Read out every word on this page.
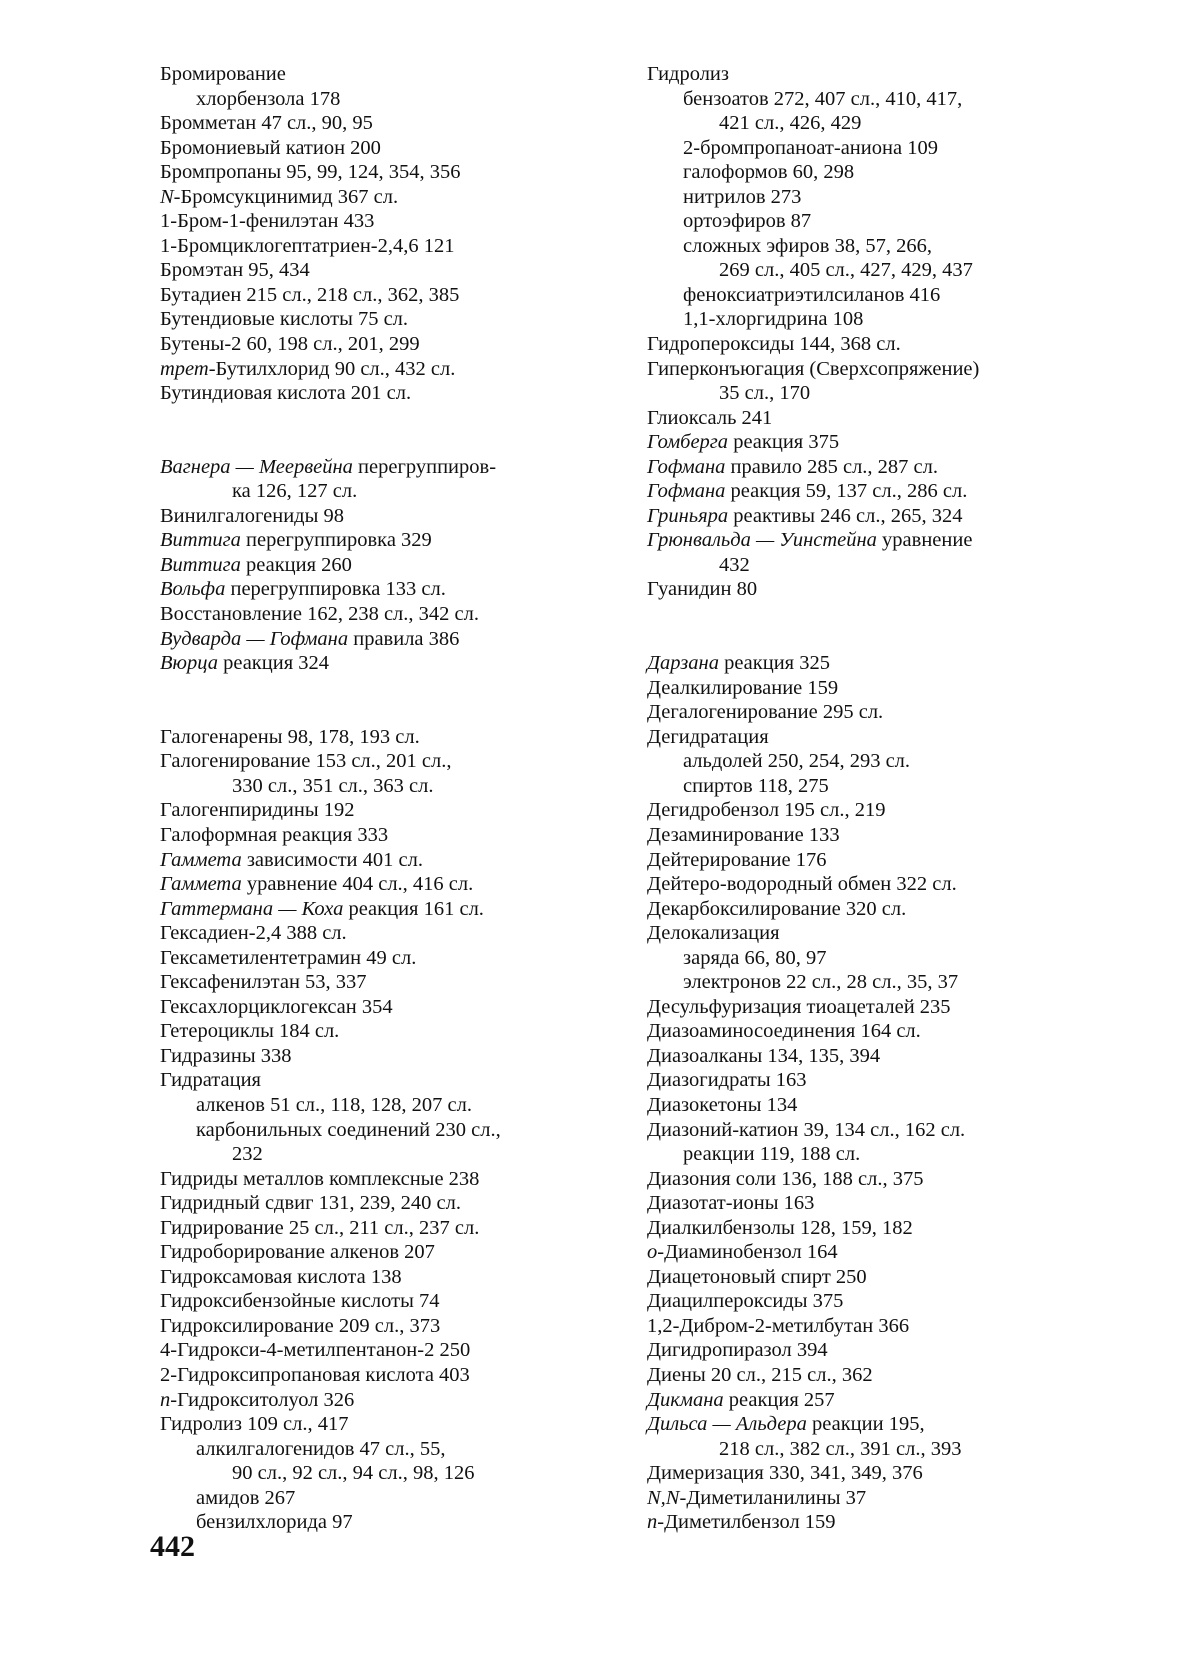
Бромирование
хлорбензола 178
Бромметан 47 сл., 90, 95
Бромониевый катион 200
Бромпропаны 95, 99, 124, 354, 356
N-Бромсукцинимид 367 сл.
1-Бром-1-фенилэтан 433
1-Бромциклогептатриен-2,4,6 121
Бромэтан 95, 434
Бутадиен 215 сл., 218 сл., 362, 385
Бутендиовые кислоты 75 сл.
Бутены-2 60, 198 сл., 201, 299
трет-Бутилхлорид 90 сл., 432 сл.
Бутиндиовая кислота 201 сл.
Вагнера — Меервейна перегруппиров-
ка 126, 127 сл.
Винилгалогениды 98
Виттига перегруппировка 329
Виттига реакция 260
Вольфа перегруппировка 133 сл.
Восстановление 162, 238 сл., 342 сл.
Вудварда — Гофмана правила 386
Вюрца реакция 324
Галогенарены 98, 178, 193 сл.
Галогенирование 153 сл., 201 сл.,
330 сл., 351 сл., 363 сл.
Галогенпиридины 192
Галоформная реакция 333
Гаммета зависимости 401 сл.
Гаммета уравнение 404 сл., 416 сл.
Гаттермана — Коха реакция 161 сл.
Гексадиен-2,4 388 сл.
Гексаметилентетрамин 49 сл.
Гексафенилэтан 53, 337
Гексахлорциклогексан 354
Гетероциклы 184 сл.
Гидразины 338
Гидратация
алкенов 51 сл., 118, 128, 207 сл.
карбонильных соединений 230 сл.,
232
Гидриды металлов комплексные 238
Гидридный сдвиг 131, 239, 240 сл.
Гидрирование 25 сл., 211 сл., 237 сл.
Гидроборирование алкенов 207
Гидроксамовая кислота 138
Гидроксибензойные кислоты 74
Гидроксилирование 209 сл., 373
4-Гидрокси-4-метилпентанон-2 250
2-Гидроксипропановая кислота 403
n-Гидрокситолуол 326
Гидролиз 109 сл., 417
алкилгалогенидов 47 сл., 55,
90 сл., 92 сл., 94 сл., 98, 126
амидов 267
бензилхлорида 97
Гидролиз
бензоатов 272, 407 сл., 410, 417,
421 сл., 426, 429
2-бромпропаноат-аниона 109
галоформов 60, 298
нитрилов 273
ортоэфиров 87
сложных эфиров 38, 57, 266,
269 сл., 405 сл., 427, 429, 437
феноксиатриэтилсиланов 416
1,1-хлоргидрина 108
Гидропероксиды 144, 368 сл.
Гиперконъюгация (Сверхсопряжение)
35 сл., 170
Глиоксаль 241
Гомберга реакция 375
Гофмана правило 285 сл., 287 сл.
Гофмана реакция 59, 137 сл., 286 сл.
Гриньяра реактивы 246 сл., 265, 324
Грюнвальда — Уинстейна уравнение
432
Гуанидин 80
Дарзана реакция 325
Деалкилирование 159
Дегалогенирование 295 сл.
Дегидратация
альдолей 250, 254, 293 сл.
спиртов 118, 275
Дегидробензол 195 сл., 219
Дезаминирование 133
Дейтерирование 176
Дейтеро-водородный обмен 322 сл.
Декарбоксилирование 320 сл.
Делокализация
заряда 66, 80, 97
электронов 22 сл., 28 сл., 35, 37
Десульфуризация тиоацеталей 235
Диазоаминосоединения 164 сл.
Диазоалканы 134, 135, 394
Диазогидраты 163
Диазокетоны 134
Диазоний-катион 39, 134 сл., 162 сл.
реакции 119, 188 сл.
Диазония соли 136, 188 сл., 375
Диазотат-ионы 163
Диалкилбензолы 128, 159, 182
о-Диаминобензол 164
Диацетоновый спирт 250
Диацилпероксиды 375
1,2-Дибром-2-метилбутан 366
Дигидропиразол 394
Диены 20 сл., 215 сл., 362
Дикмана реакция 257
Дильса — Альдера реакции 195,
218 сл., 382 сл., 391 сл., 393
Димеризация 330, 341, 349, 376
N,N-Диметиланилины 37
n-Диметилбензол 159
442
